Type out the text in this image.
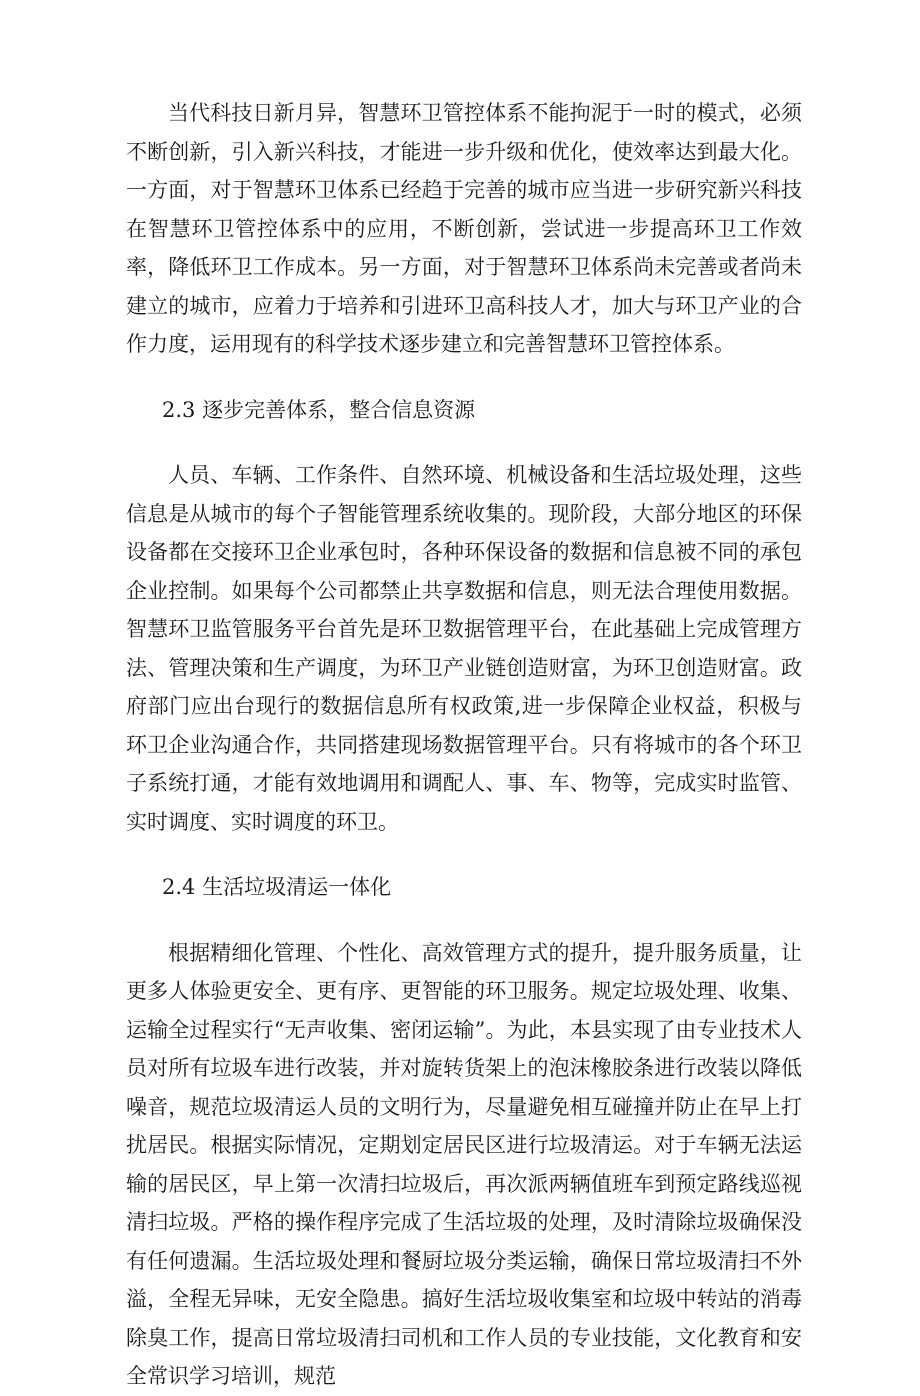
当代科技日新月异，智慧环卫管控体系不能拘泥于一时的模式，必须不断创新，引入新兴科技，才能进一步升级和优化，使效率达到最大化。一方面，对于智慧环卫体系已经趋于完善的城市应当进一步研究新兴科技在智慧环卫管控体系中的应用，不断创新，尝试进一步提高环卫工作效率，降低环卫工作成本。另一方面，对于智慧环卫体系尚未完善或者尚未建立的城市，应着力于培养和引进环卫高科技人才，加大与环卫产业的合作力度，运用现有的科学技术逐步建立和完善智慧环卫管控体系。

2.3 逐步完善体系，整合信息资源

人员、车辆、工作条件、自然环境、机械设备和生活垃圾处理，这些信息是从城市的每个子智能管理系统收集的。现阶段，大部分地区的环保设备都在交接环卫企业承包时，各种环保设备的数据和信息被不同的承包企业控制。如果每个公司都禁止共享数据和信息，则无法合理使用数据。智慧环卫监管服务平台首先是环卫数据管理平台，在此基础上完成管理方法、管理决策和生产调度，为环卫产业链创造财富，为环卫创造财富。政府部门应出台现行的数据信息所有权政策,进一步保障企业权益，积极与环卫企业沟通合作，共同搭建现场数据管理平台。只有将城市的各个环卫子系统打通，才能有效地调用和调配人、事、车、物等，完成实时监管、实时调度、实时调度的环卫。

2.4 生活垃圾清运一体化

根据精细化管理、个性化、高效管理方式的提升，提升服务质量，让更多人体验更安全、更有序、更智能的环卫服务。规定垃圾处理、收集、运输全过程实行“无声收集、密闭运输”。为此，本县实现了由专业技术人员对所有垃圾车进行改装，并对旋转货架上的泡沫橡胶条进行改装以降低噪音，规范垃圾清运人员的文明行为，尽量避免相互碰撞并防止在早上打扰居民。根据实际情况，定期划定居民区进行垃圾清运。对于车辆无法运输的居民区，早上第一次清扫垃圾后，再次派两辆值班车到预定路线巡视清扫垃圾。严格的操作程序完成了生活垃圾的处理，及时清除垃圾确保没有任何遗漏。生活垃圾处理和餐厨垃圾分类运输，确保日常垃圾清扫不外溢，全程无异味，无安全隐患。搞好生活垃圾收集室和垃圾中转站的消毒除臭工作，提高日常垃圾清扫司机和工作人员的专业技能，文化教育和安全常识学习培训，规范
